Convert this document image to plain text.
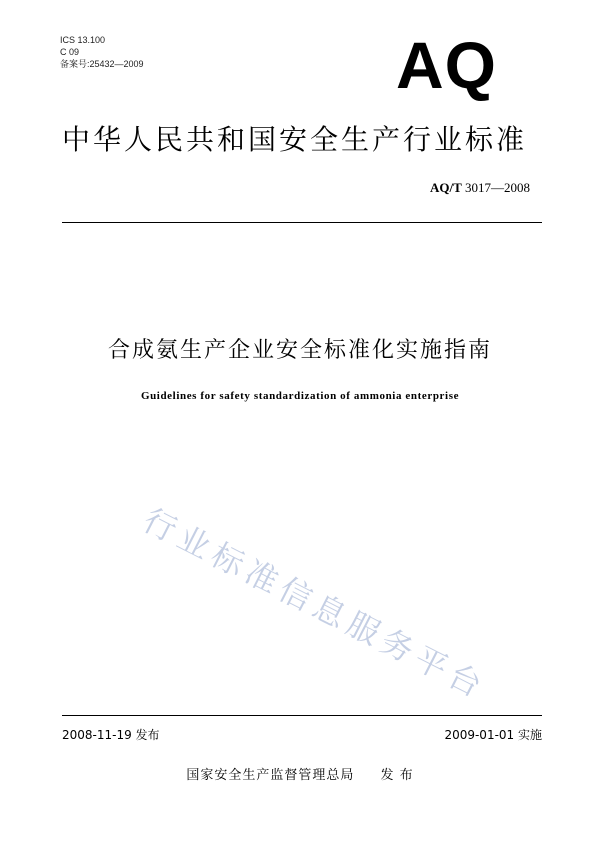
ICS 13.100
C 09
备案号:25432—2009	AQ
中华人民共和国安全生产行业标准
AQ/T 3017—2008
合成氨生产企业安全标准化实施指南
Guidelines for safety standardization of ammonia enterprise
行业标准信息服务平台
2008-11-19 发布	2009-01-01 实施
国家安全生产监督管理总局 发 布
